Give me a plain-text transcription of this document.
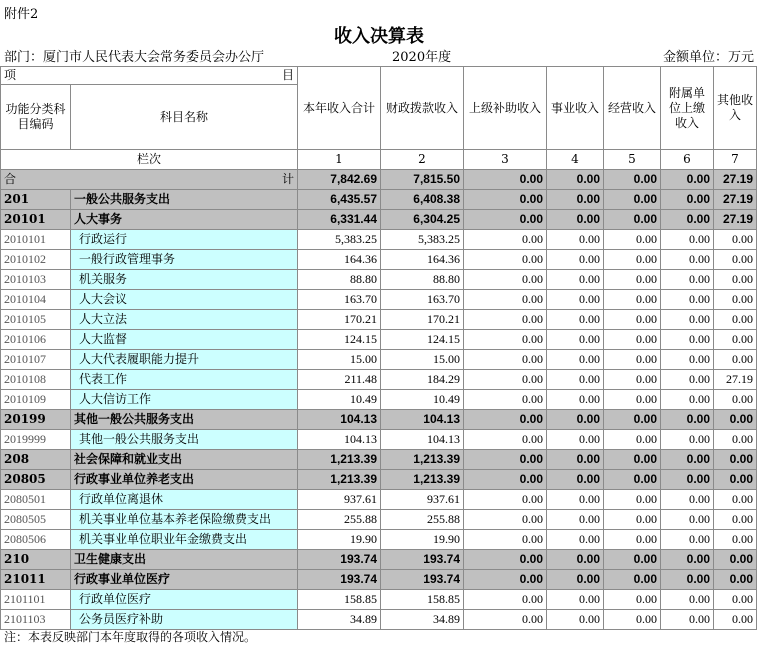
附件2
收入决算表
部门：厦门市人民代表大会常务委员会办公厅	2020年度	金额单位：万元
项 目		本年收入合计	财政拨款收入	上级补助收入	事业收入	经营收入	附属单位上缴收入	其他收入
功能分类科目编码	科目名称							
栏次		1	2	3	4	5	6	7
合 计		7,842.69	7,815.50	0.00	0.00	0.00	0.00	27.19
201	一般公共服务支出	6,435.57	6,408.38	0.00	0.00	0.00	0.00	27.19
20101	人大事务	6,331.44	6,304.25	0.00	0.00	0.00	0.00	27.19
2010101	行政运行	5,383.25	5,383.25	0.00	0.00	0.00	0.00	0.00
2010102	一般行政管理事务	164.36	164.36	0.00	0.00	0.00	0.00	0.00
2010103	机关服务	88.80	88.80	0.00	0.00	0.00	0.00	0.00
2010104	人大会议	163.70	163.70	0.00	0.00	0.00	0.00	0.00
2010105	人大立法	170.21	170.21	0.00	0.00	0.00	0.00	0.00
2010106	人大监督	124.15	124.15	0.00	0.00	0.00	0.00	0.00
2010107	人大代表履职能力提升	15.00	15.00	0.00	0.00	0.00	0.00	0.00
2010108	代表工作	211.48	184.29	0.00	0.00	0.00	0.00	27.19
2010109	人大信访工作	10.49	10.49	0.00	0.00	0.00	0.00	0.00
20199	其他一般公共服务支出	104.13	104.13	0.00	0.00	0.00	0.00	0.00
2019999	其他一般公共服务支出	104.13	104.13	0.00	0.00	0.00	0.00	0.00
208	社会保障和就业支出	1,213.39	1,213.39	0.00	0.00	0.00	0.00	0.00
20805	行政事业单位养老支出	1,213.39	1,213.39	0.00	0.00	0.00	0.00	0.00
2080501	行政单位离退休	937.61	937.61	0.00	0.00	0.00	0.00	0.00
2080505	机关事业单位基本养老保险缴费支出	255.88	255.88	0.00	0.00	0.00	0.00	0.00
2080506	机关事业单位职业年金缴费支出	19.90	19.90	0.00	0.00	0.00	0.00	0.00
210	卫生健康支出	193.74	193.74	0.00	0.00	0.00	0.00	0.00
21011	行政事业单位医疗	193.74	193.74	0.00	0.00	0.00	0.00	0.00
2101101	行政单位医疗	158.85	158.85	0.00	0.00	0.00	0.00	0.00
2101103	公务员医疗补助	34.89	34.89	0.00	0.00	0.00	0.00	0.00
注：本表反映部门本年度取得的各项收入情况。
